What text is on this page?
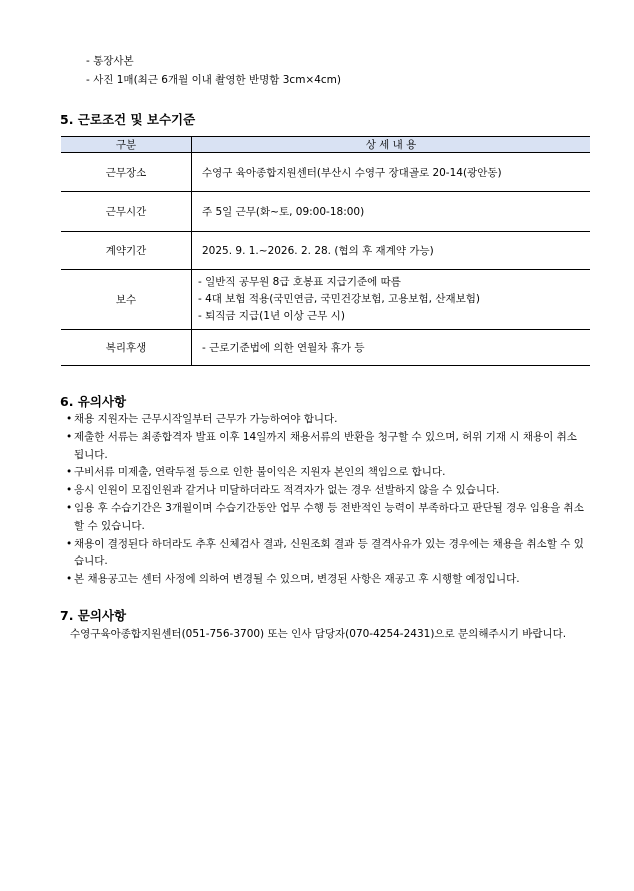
- 통장사본
- 사진 1매(최근 6개월 이내 촬영한 반명함 3cm×4cm)
5. 근로조건 및 보수기준
구분	상 세 내 용
근무장소	수영구 육아종합지원센터(부산시 수영구 장대골로 20-14(광안동)
근무시간	주 5일 근무(화~토, 09:00-18:00)
계약기간	2025. 9. 1.~2026. 2. 28. (협의 후 재계약 가능)
보수	- 일반직 공무원 8급 호봉표 지급기준에 따름
- 4대 보험 적용(국민연금, 국민건강보험, 고용보험, 산재보험)
- 퇴직금 지급(1년 이상 근무 시)

복리후생	- 근로기준법에 의한 연월차 휴가 등
6. 유의사항
• 채용 지원자는 근무시작일부터 근무가 가능하여야 합니다.
• 제출한 서류는 최종합격자 발표 이후 14일까지 채용서류의 반환을 청구할 수 있으며, 허위 기재 시 채용이 취소됩니다.
• 구비서류 미제출, 연락두절 등으로 인한 불이익은 지원자 본인의 책임으로 합니다.
• 응시 인원이 모집인원과 같거나 미달하더라도 적격자가 없는 경우 선발하지 않을 수 있습니다.
• 임용 후 수습기간은 3개월이며 수습기간동안 업무 수행 등 전반적인 능력이 부족하다고 판단될 경우 임용을 취소할 수 있습니다.
• 채용이 결정된다 하더라도 추후 신체검사 결과, 신원조회 결과 등 결격사유가 있는 경우에는 채용을 취소할 수 있습니다.
• 본 채용공고는 센터 사정에 의하여 변경될 수 있으며, 변경된 사항은 재공고 후 시행할 예정입니다.
7. 문의사항
수영구육아종합지원센터(051-756-3700) 또는 인사 담당자(070-4254-2431)으로 문의해주시기 바랍니다.
